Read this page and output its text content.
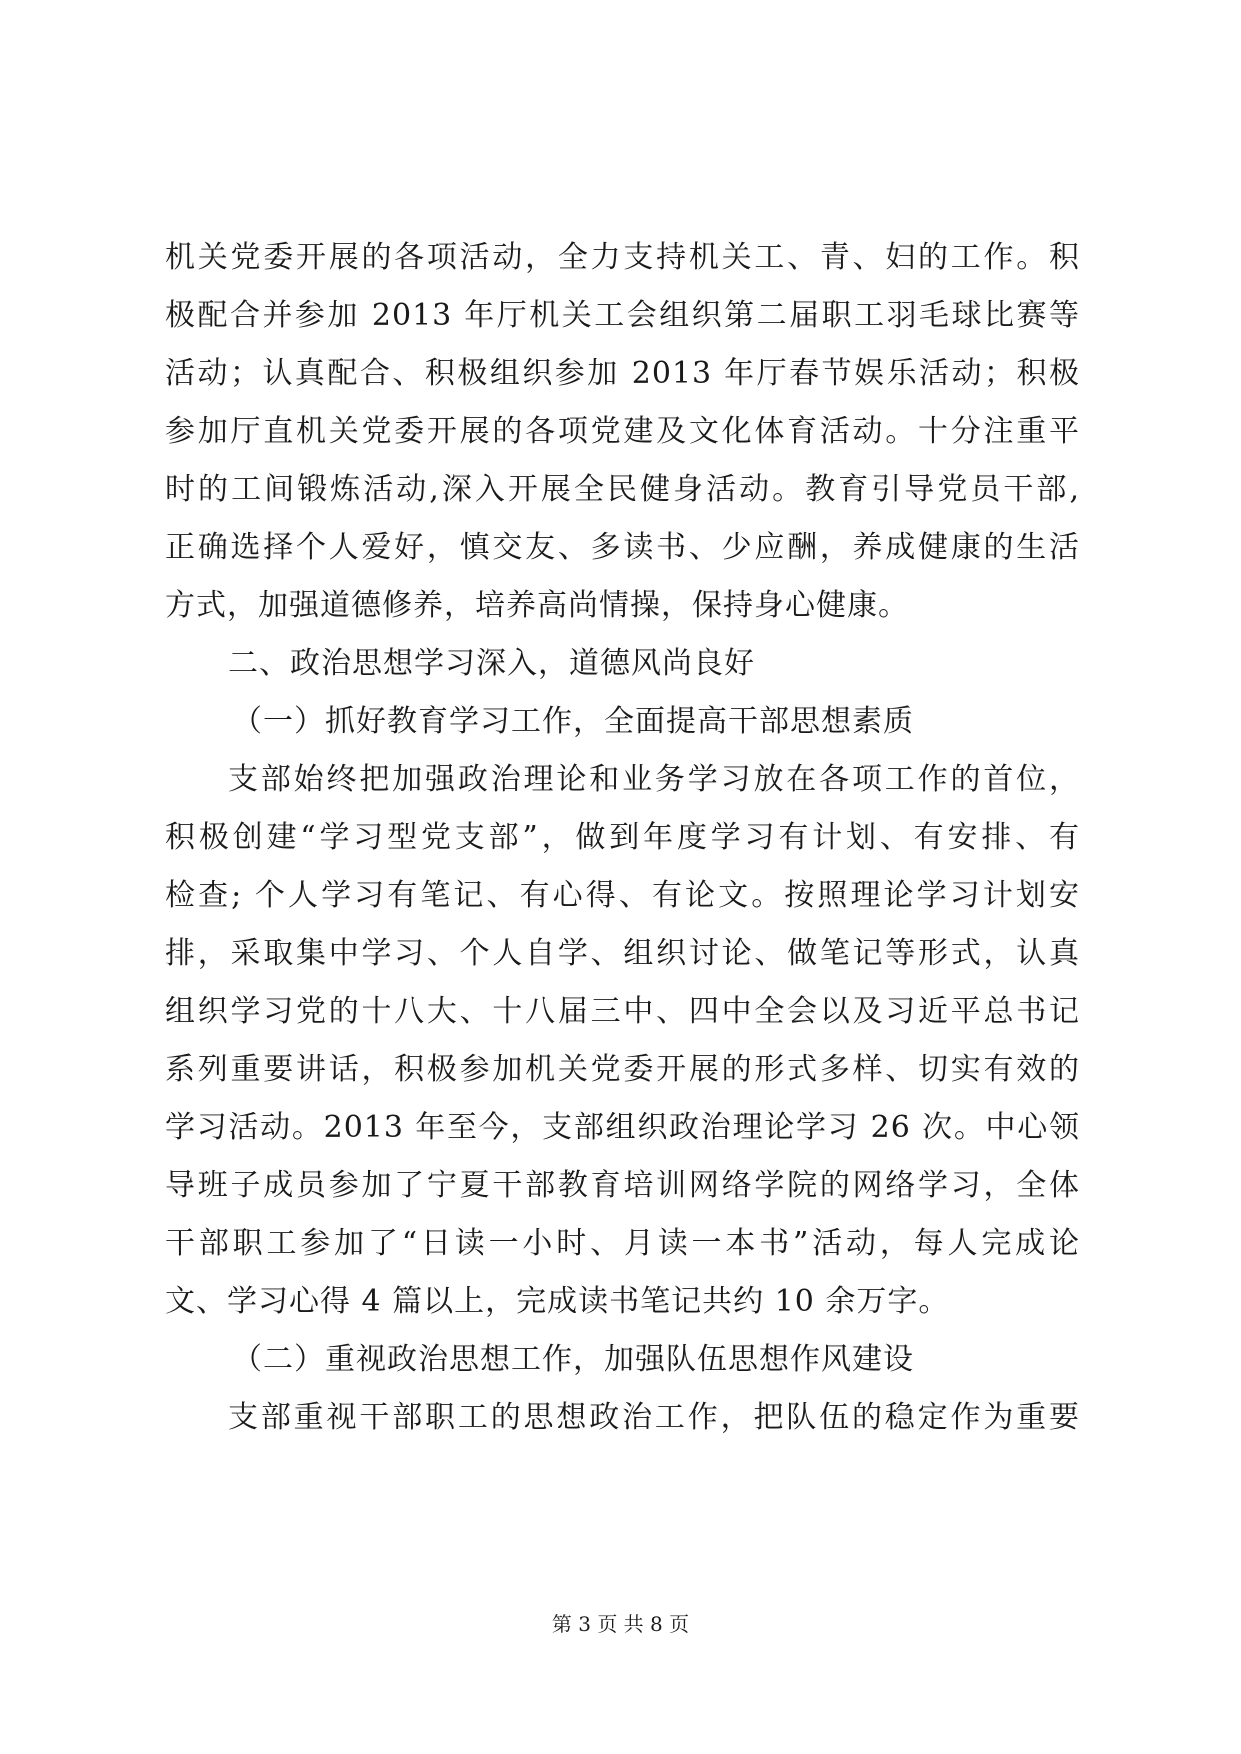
机关党委开展的各项活动，全力支持机关工、青、妇的工作。积
极配合并参加 2013 年厅机关工会组织第二届职工羽毛球比赛等
活动；认真配合、积极组织参加 2013 年厅春节娱乐活动；积极
参加厅直机关党委开展的各项党建及文化体育活动。十分注重平
时的工间锻炼活动,深入开展全民健身活动。教育引导党员干部,
正确选择个人爱好，慎交友、多读书、少应酬，养成健康的生活
方式，加强道德修养，培养高尚情操，保持身心健康。
二、政治思想学习深入，道德风尚良好
（一）抓好教育学习工作，全面提高干部思想素质
支部始终把加强政治理论和业务学习放在各项工作的首位，
积极创建“学习型党支部”，做到年度学习有计划、有安排、有
检查; 个人学习有笔记、有心得、有论文。按照理论学习计划安
排，采取集中学习、个人自学、组织讨论、做笔记等形式，认真
组织学习党的十八大、十八届三中、四中全会以及习近平总书记
系列重要讲话，积极参加机关党委开展的形式多样、切实有效的
学习活动。2013 年至今，支部组织政治理论学习 26 次。中心领
导班子成员参加了宁夏干部教育培训网络学院的网络学习，全体
干部职工参加了“日读一小时、月读一本书”活动，每人完成论
文、学习心得 4 篇以上，完成读书笔记共约 10 余万字。
（二）重视政治思想工作，加强队伍思想作风建设
支部重视干部职工的思想政治工作，把队伍的稳定作为重要
第 3 页 共 8 页
